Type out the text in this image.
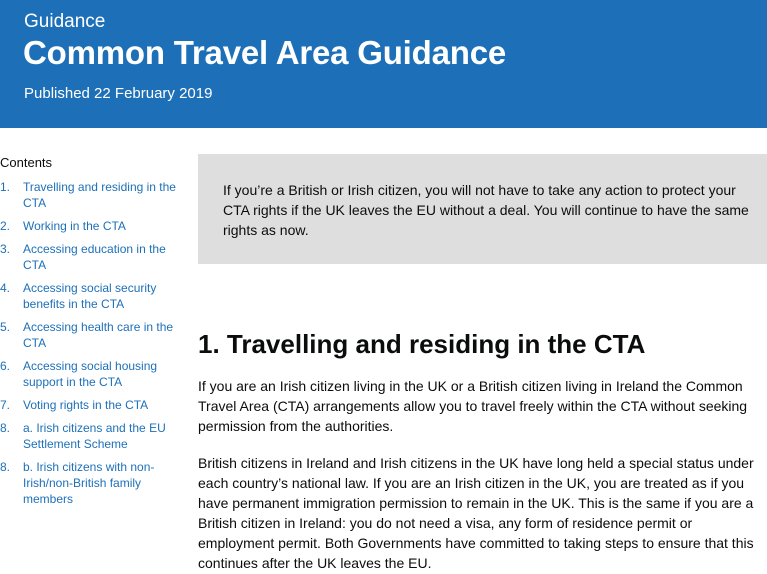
Guidance
Common Travel Area Guidance
Published 22 February 2019
Contents
1. Travelling and residing in the CTA
2. Working in the CTA
3. Accessing education in the CTA
4. Accessing social security benefits in the CTA
5. Accessing health care in the CTA
6. Accessing social housing support in the CTA
7. Voting rights in the CTA
8. a. Irish citizens and the EU Settlement Scheme
8. b. Irish citizens with non-Irish/non-British family members

If you’re a British or Irish citizen, you will not have to take any action to protect your CTA rights if the UK leaves the EU without a deal. You will continue to have the same rights as now.

1. Travelling and residing in the CTA

If you are an Irish citizen living in the UK or a British citizen living in Ireland the Common Travel Area (CTA) arrangements allow you to travel freely within the CTA without seeking permission from the authorities.

British citizens in Ireland and Irish citizens in the UK have long held a special status under each country’s national law. If you are an Irish citizen in the UK, you are treated as if you have permanent immigration permission to remain in the UK. This is the same if you are a British citizen in Ireland: you do not need a visa, any form of residence permit or employment permit. Both Governments have committed to taking steps to ensure that this continues after the UK leaves the EU.
